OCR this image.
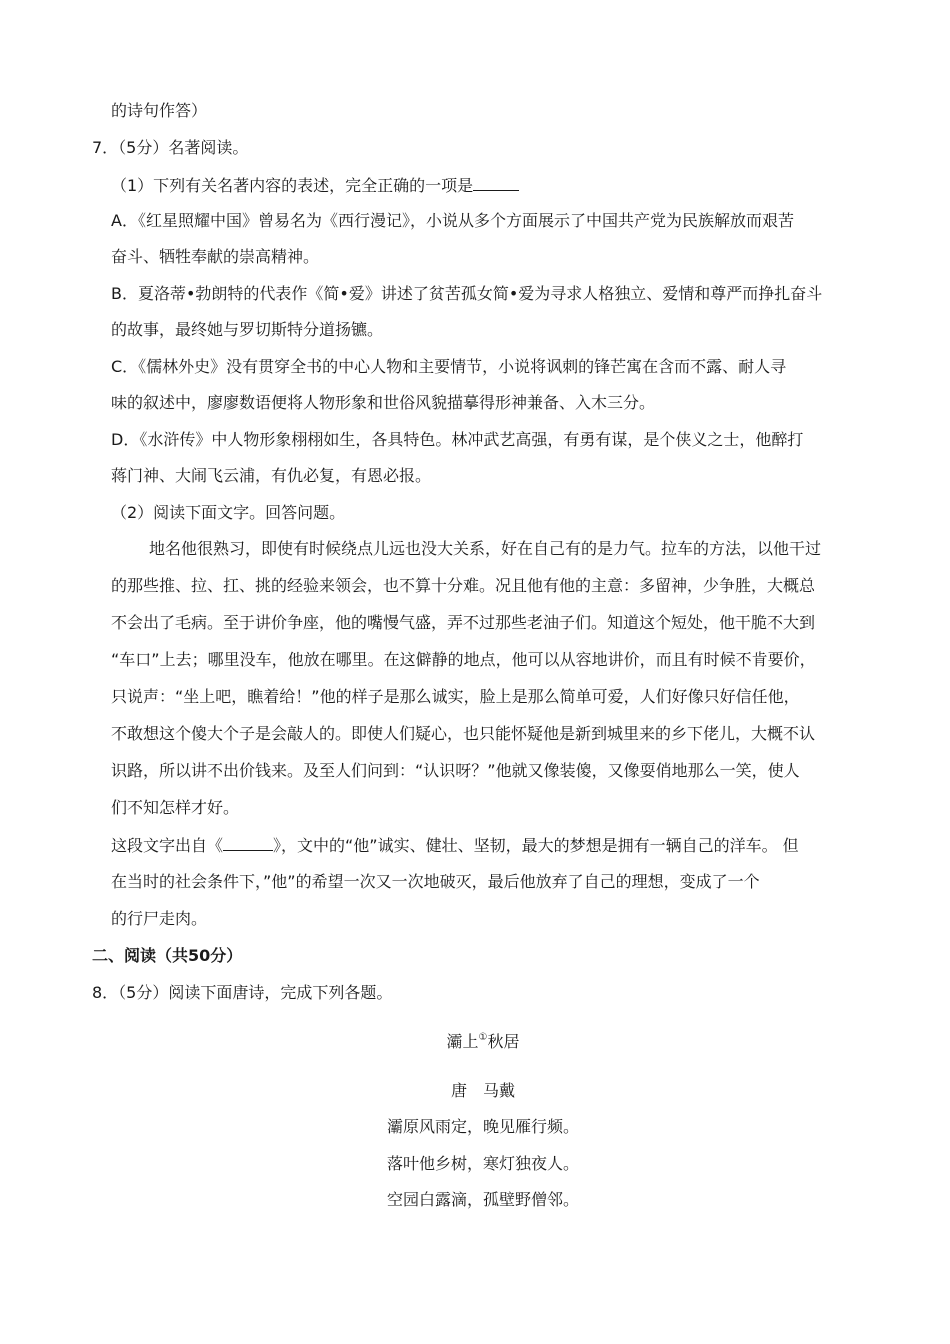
的诗句作答）

7．（5分）名著阅读。

（1）下列有关名著内容的表述，完全正确的一项是

A．《红星照耀中国》曾易名为《西行漫记》，小说从多个方面展示了中国共产党为民族解放而艰苦

奋斗、牺牲奉献的崇高精神。

B．夏洛蒂•勃朗特的代表作《简•爱》讲述了贫苦孤女简•爱为寻求人格独立、爱情和尊严而挣扎奋斗

的故事，最终她与罗切斯特分道扬镳。

C．《儒林外史》没有贯穿全书的中心人物和主要情节，小说将讽刺的锋芒寓在含而不露、耐人寻

味的叙述中，廖廖数语便将人物形象和世俗风貌描摹得形神兼备、入木三分。

D．《水浒传》中人物形象栩栩如生，各具特色。林冲武艺高强，有勇有谋，是个侠义之士，他醉打

蒋门神、大闹飞云浦，有仇必复，有恩必报。

（2）阅读下面文字。回答问题。

地名他很熟习，即使有时候绕点儿远也没大关系，好在自己有的是力气。拉车的方法，以他干过

的那些推、拉、扛、挑的经验来领会，也不算十分难。况且他有他的主意：多留神，少争胜，大概总

不会出了毛病。至于讲价争座，他的嘴慢气盛，弄不过那些老油子们。知道这个短处，他干脆不大到

“车口”上去；哪里没车，他放在哪里。在这僻静的地点，他可以从容地讲价，而且有时候不肯要价，

只说声：“坐上吧，瞧着给！”他的样子是那么诚实，脸上是那么简单可爱，人们好像只好信任他，

不敢想这个傻大个子是会敲人的。即使人们疑心，也只能怀疑他是新到城里来的乡下佬儿，大概不认

识路，所以讲不出价钱来。及至人们问到：“认识呀？”他就又像装傻，又像耍俏地那么一笑，使人

们不知怎样才好。

这段文字出自《	》，文中的“他”诚实、健壮、坚韧，最大的梦想是拥有一辆自己的洋车。 但

在当时的社会条件下，”他”的希望一次又一次地破灭，最后他放弃了自己的理想，变成了一个

的行尸走肉。

二、阅读（共50分）

8．（5分）阅读下面唐诗，完成下列各题。

灞上①秋居

唐　马戴

灞原风雨定，晚见雁行频。

落叶他乡树，寒灯独夜人。

空园白露滴，孤壁野僧邻。
